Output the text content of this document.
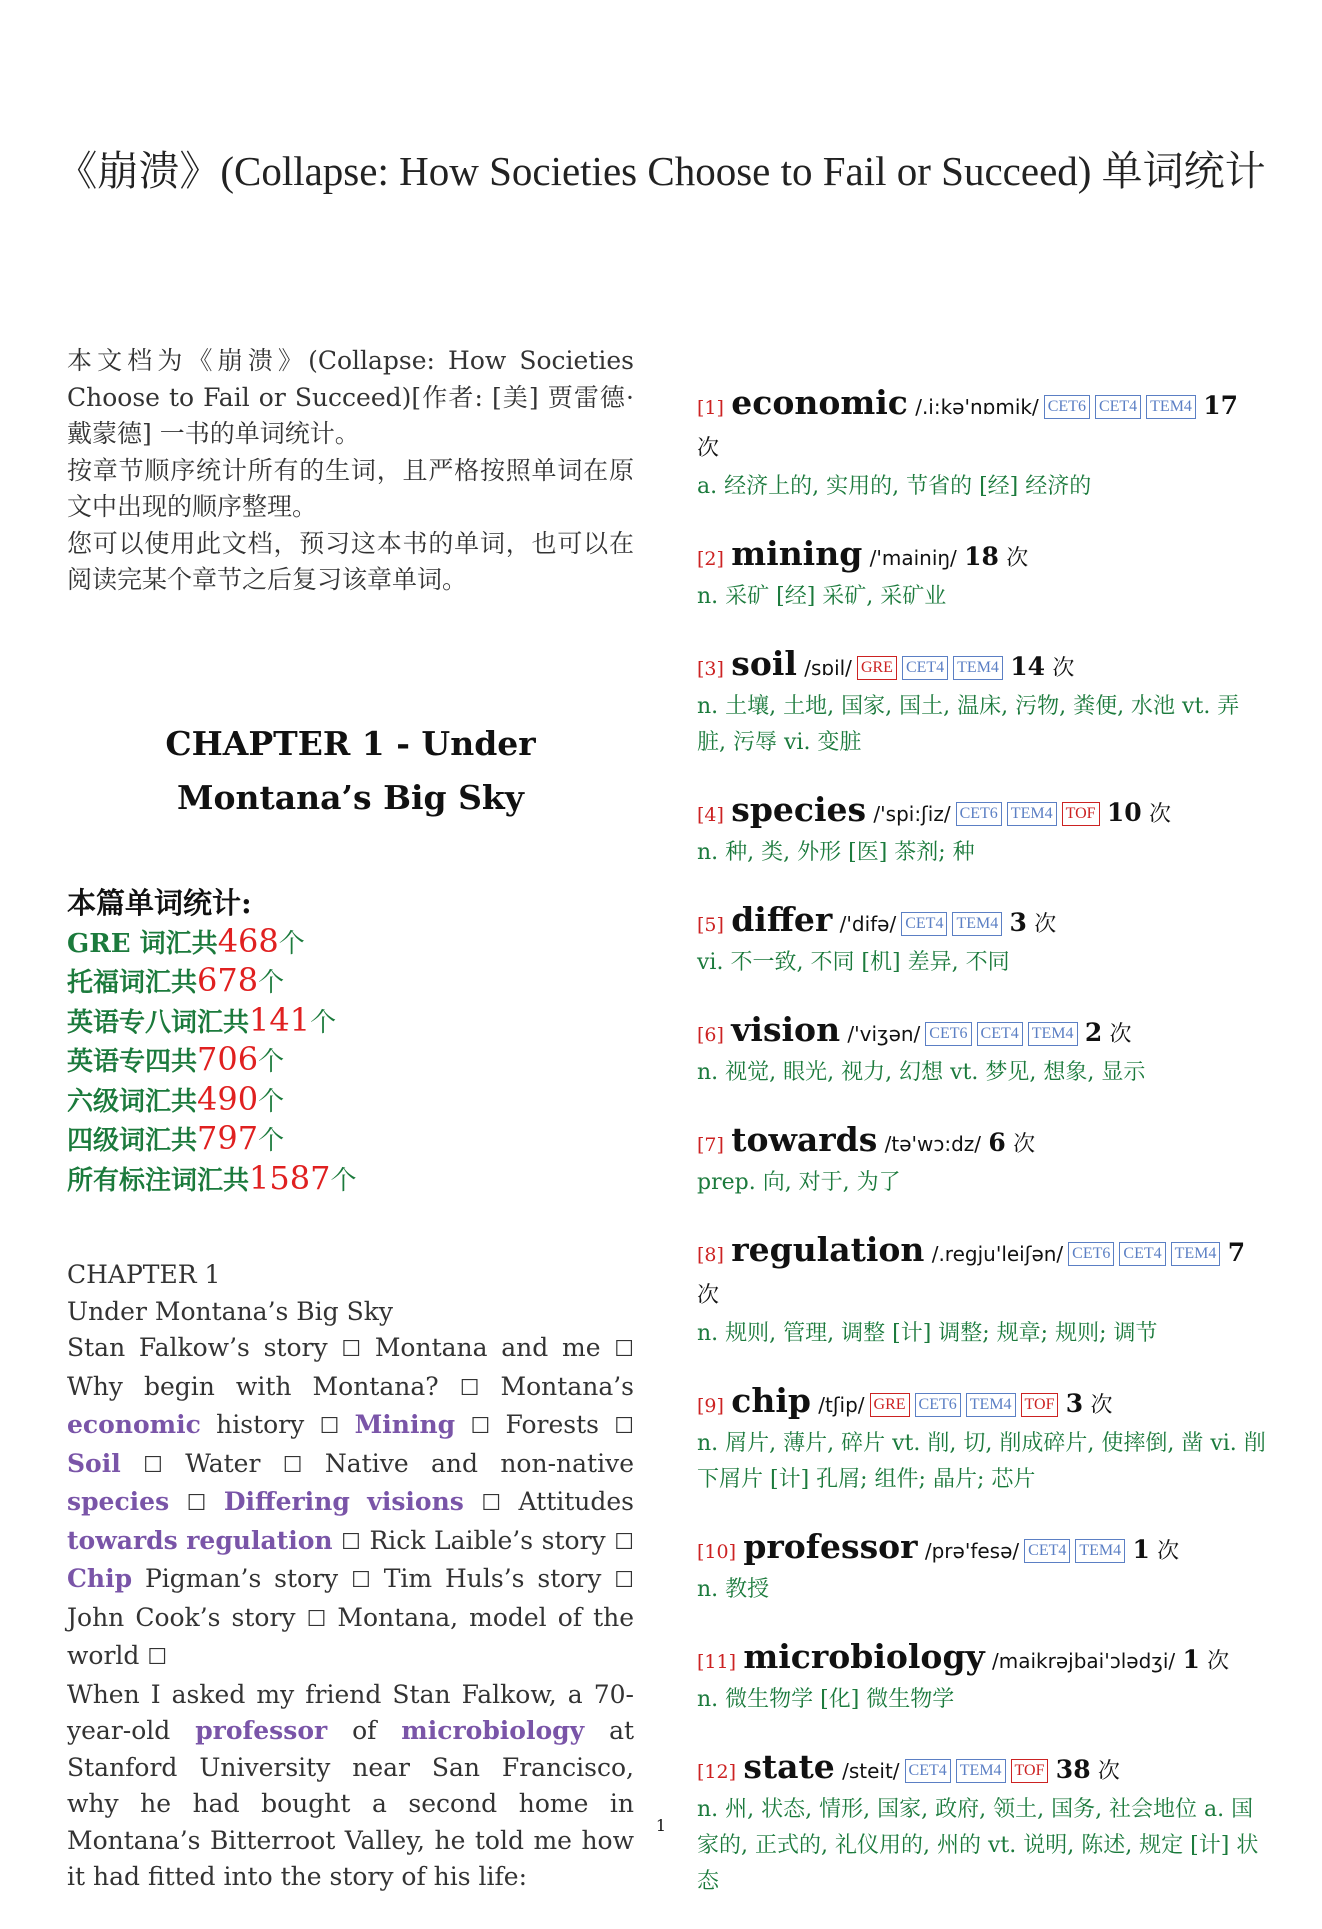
《崩溃》(Collapse: How Societies Choose to Fail or Succeed) 单词统计

本文档为《崩溃》(Collapse: How Societies Choose to Fail or Succeed)[作者: [美] 贾雷德·戴蒙德] 一书的单词统计。

按章节顺序统计所有的生词，且严格按照单词在原文中出现的顺序整理。

您可以使用此文档，预习这本书的单词，也可以在阅读完某个章节之后复习该章单词。

CHAPTER 1 - Under Montana’s Big Sky
本篇单词统计:
GRE 词汇共468个
托福词汇共678个
英语专八词汇共141个
英语专四共706个
六级词汇共490个
四级词汇共797个
所有标注词汇共1587个
CHAPTER 1
Under Montana’s Big Sky
Stan Falkow’s story ☐ Montana and me ☐ Why begin with Montana? ☐ Montana’s economic history ☐ Mining ☐ Forests ☐ Soil ☐ Water ☐ Native and non-native species ☐ Differing visions ☐ Attitudes towards regulation ☐ Rick Laible’s story ☐ Chip Pigman’s story ☐ Tim Huls’s story ☐ John Cook’s story ☐ Montana, model of the world ☐
When I asked my friend Stan Falkow, a 70-year-old professor of microbiology at Stanford University near San Francisco, why he had bought a second home in Montana’s Bitterroot Valley, he told me how it had fitted into the story of his life:
[1] economic /.i:kə'nɒmik/ CET6 CET4 TEM4 17 次
a. 经济上的, 实用的, 节省的 [经] 经济的
[2] mining /'mainiŋ/ 18 次
n. 采矿 [经] 采矿, 采矿业
[3] soil /sɒil/ GRE CET4 TEM4 14 次
n. 土壤, 土地, 国家, 国土, 温床, 污物, 粪便, 水池 vt. 弄脏, 污辱 vi. 变脏
[4] species /'spi:ʃiz/ CET6 TEM4 TOF 10 次
n. 种, 类, 外形 [医] 茶剂; 种
[5] differ /'difə/ CET4 TEM4 3 次
vi. 不一致, 不同 [机] 差异, 不同
[6] vision /'viʒən/ CET6 CET4 TEM4 2 次
n. 视觉, 眼光, 视力, 幻想 vt. 梦见, 想象, 显示
[7] towards /tə'wɔ:dz/ 6 次
prep. 向, 对于, 为了
[8] regulation /.regju'leiʃən/ CET6 CET4 TEM4 7 次
n. 规则, 管理, 调整 [计] 调整; 规章; 规则; 调节
[9] chip /tʃip/ GRE CET6 TEM4 TOF 3 次
n. 屑片, 薄片, 碎片 vt. 削, 切, 削成碎片, 使摔倒, 凿 vi. 削下屑片 [计] 孔屑; 组件; 晶片; 芯片
[10] professor /prə'fesə/ CET4 TEM4 1 次
n. 教授
[11] microbiology /maikrəjbai'ɔlədʒi/ 1 次
n. 微生物学 [化] 微生物学
[12] state /steit/ CET4 TEM4 TOF 38 次
n. 州, 状态, 情形, 国家, 政府, 领土, 国务, 社会地位 a. 国家的, 正式的, 礼仪用的, 州的 vt. 说明, 陈述, 规定 [计] 状态
1
